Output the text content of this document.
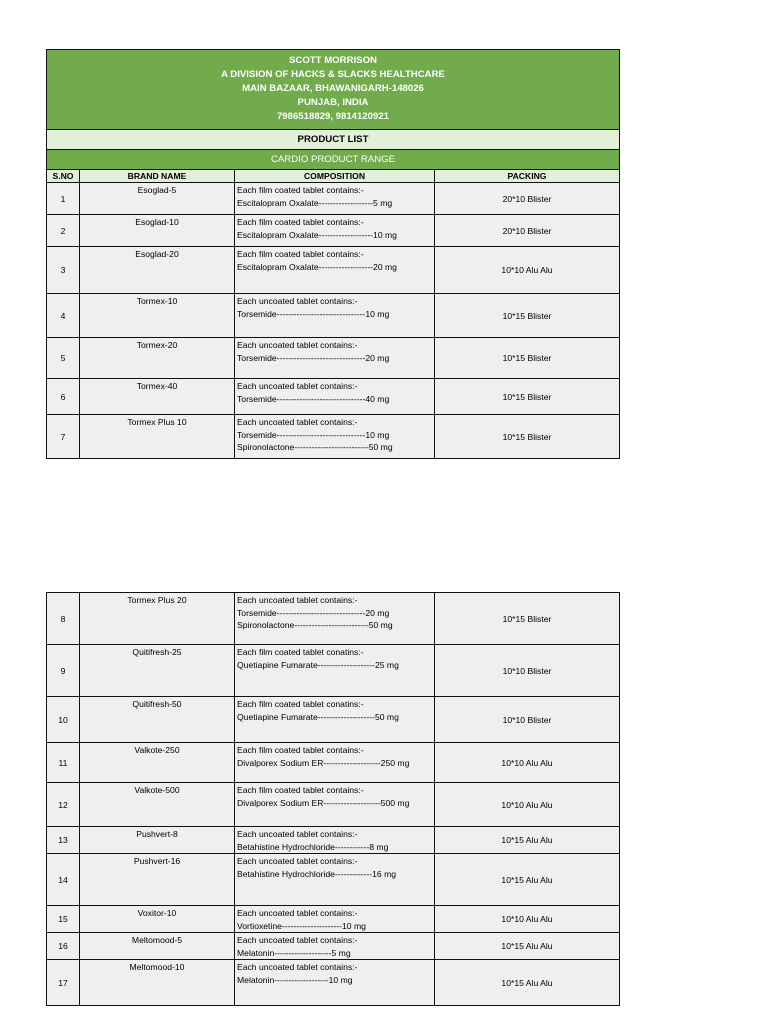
SCOTT MORRISON
A DIVISION OF HACKS & SLACKS HEALTHCARE
MAIN BAZAAR, BHAWANIGARH-148026
PUNJAB, INDIA
7986518829, 9814120921			

PRODUCT LIST			
CARDIO PRODUCT RANGE			
S.NO	BRAND NAME	COMPOSITION	PACKING
1	Esoglad-5	Each film coated tablet contains:-
Escitalopram Oxalate-------------------5 mg	20*10 Blister
2	Esoglad-10	Each film coated tablet contains:-
Escitalopram Oxalate-------------------10 mg	20*10 Blister
3	Esoglad-20	Each film coated tablet contains:-
Escitalopram Oxalate-------------------20 mg	10*10 Alu Alu
4	Tormex-10	Each uncoated tablet contains:-
Torsemide-------------------------------10 mg	10*15 Blister
5	Tormex-20	Each uncoated tablet contains:-
Torsemide-------------------------------20 mg	10*15 Blister
6	Tormex-40	Each uncoated tablet contains:-
Torsemide-------------------------------40 mg	10*15 Blister
7	Tormex Plus 10	Each uncoated tablet contains:-
Torsemide-------------------------------10 mg
Spironolactone--------------------------50 mg	10*15 Blister
8	Tormex Plus 20	Each uncoated tablet contains:-
Torsemide-------------------------------20 mg
Spironolactone--------------------------50 mg	10*15 Blister
9	Quitifresh-25	Each film coated tablet conatins:-
Quetiapine Fumarate--------------------25 mg	10*10 Blister
10	Quitifresh-50	Each film coated tablet conatins:-
Quetiapine Fumarate--------------------50 mg	10*10 Blister
11	Valkote-250	Each film coated tablet contains:-
Divalporex Sodium ER--------------------250 mg	10*10 Alu Alu
12	Valkote-500	Each film coated tablet contains:-
Divalporex Sodium ER--------------------500 mg	10*10 Alu Alu
13	Pushvert-8	Each uncoated tablet contains:-
Betahistine Hydrochloride------------8 mg	10*15 Alu Alu
14	Pushvert-16	Each uncoated tablet contains:-
Betahistine Hydrochloride-------------16 mg	10*15 Alu Alu
15	Voxitor-10	Each uncoated tablet contains:-
Vortioxetine---------------------10 mg	10*10 Alu Alu
16	Meltomood-5	Each uncoated tablet contains:-
Melatonin--------------------5 mg	10*15 Alu Alu
17	Meltomood-10	Each uncoated tablet contains:-
Melatonin-------------------10 mg	10*15 Alu Alu
